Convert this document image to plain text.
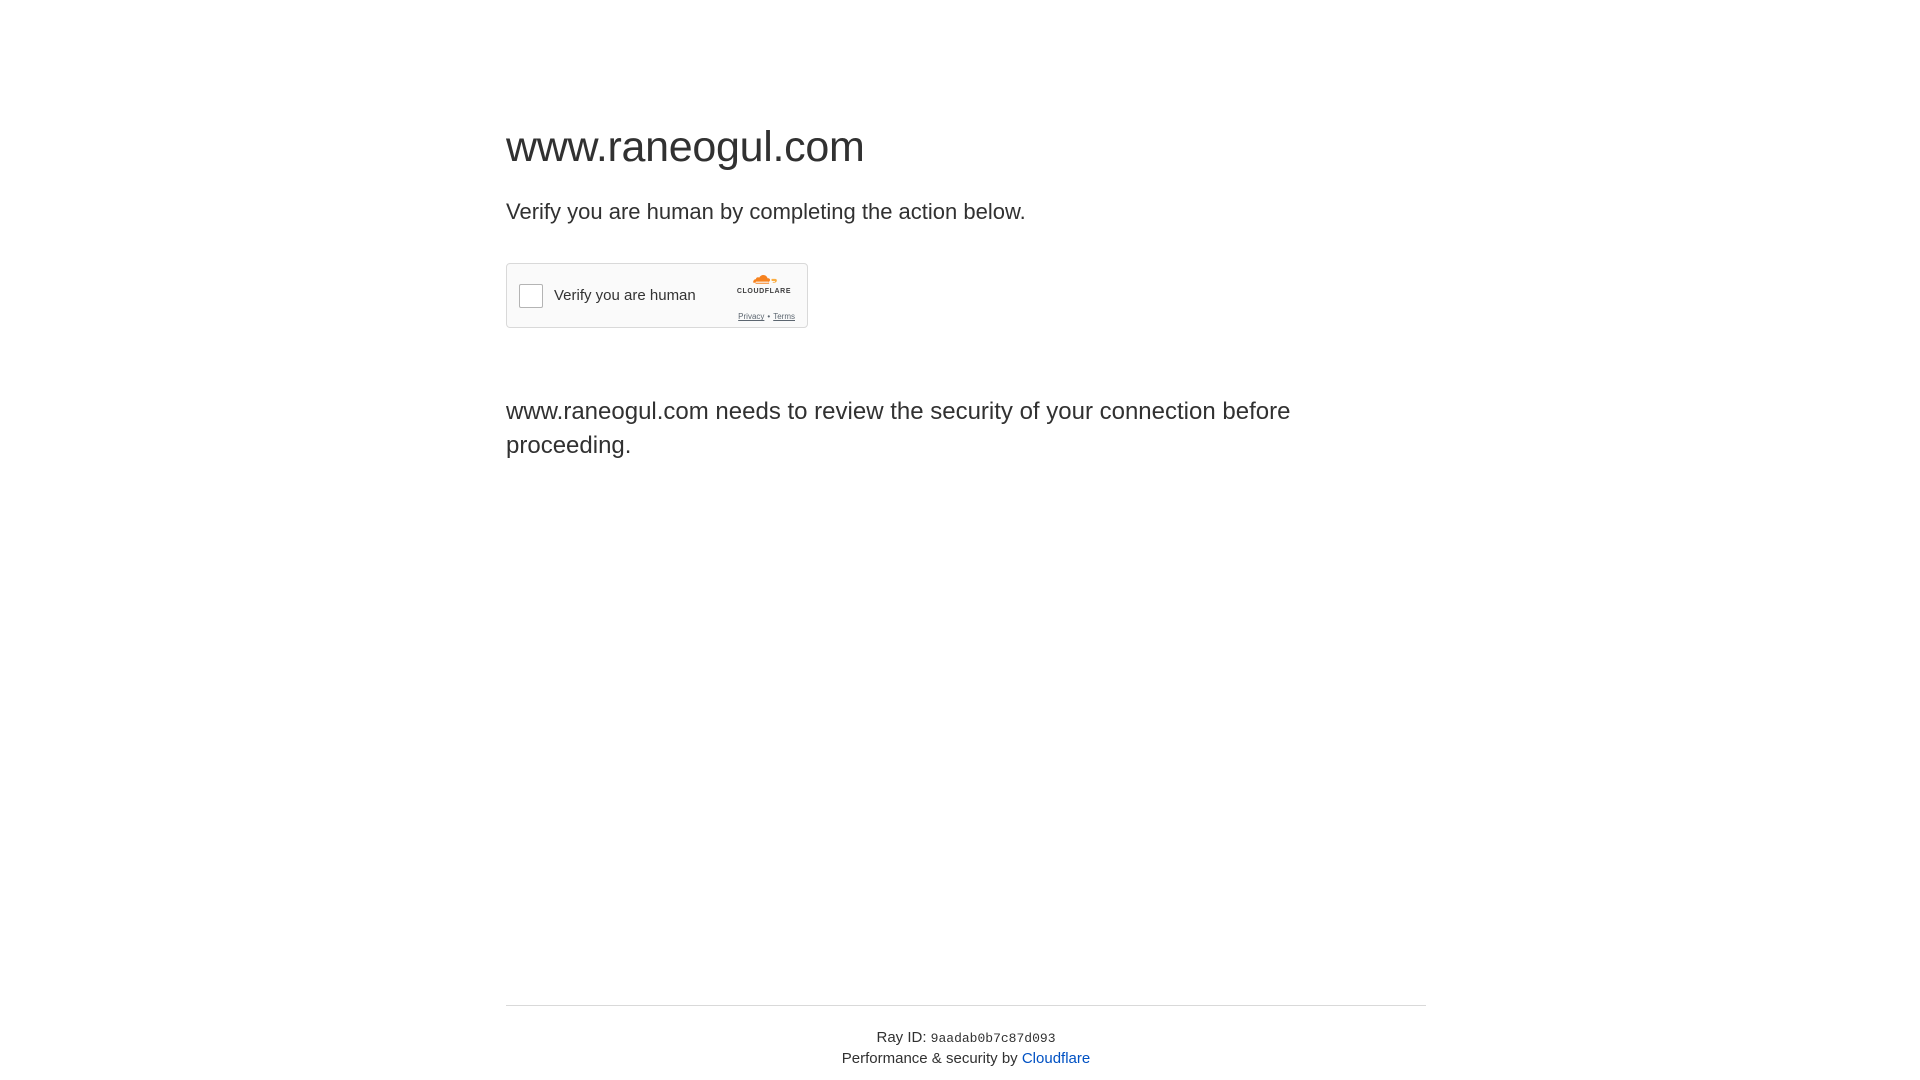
www.raneogul.com
Verify you are human by completing the action below.
Verify you are human	CLOUDFLARE
Privacy • Terms

www.raneogul.com needs to review the security of your connection before proceeding.

Ray ID: 9aadab0b7c87d093
Performance & security by Cloudflare
